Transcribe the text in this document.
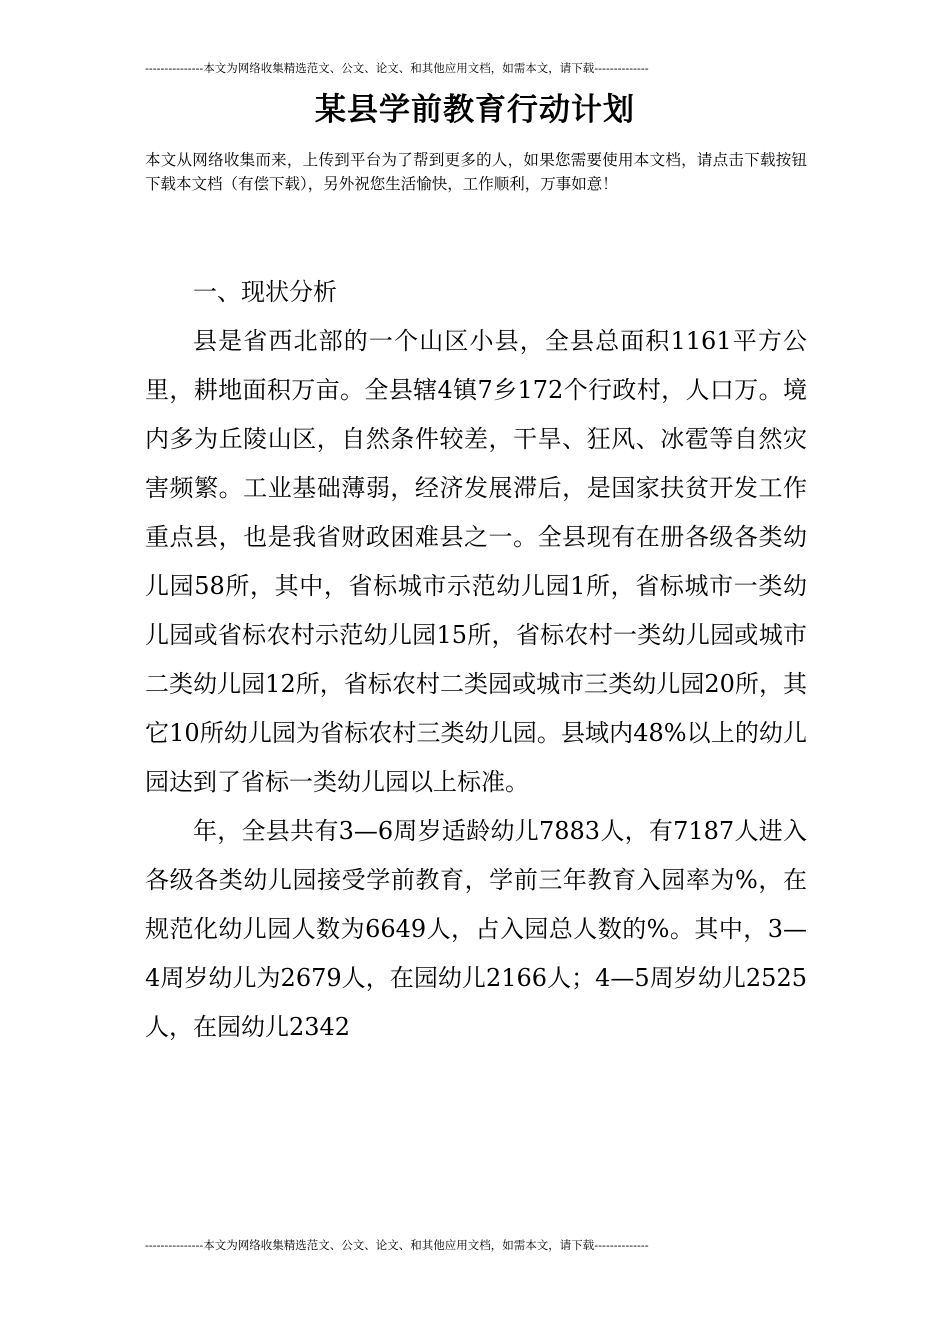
---------------本文为网络收集精选范文、公文、论文、和其他应用文档，如需本文，请下载--------------
某县学前教育行动计划
本文从网络收集而来，上传到平台为了帮到更多的人，如果您需要使用本文档，请点击下载按钮下载本文档（有偿下载），另外祝您生活愉快，工作顺利，万事如意！

一、现状分析

县是省西北部的一个山区小县，全县总面积1161平方公里，耕地面积万亩。全县辖4镇7乡172个行政村，人口万。境内多为丘陵山区，自然条件较差，干旱、狂风、冰雹等自然灾害频繁。工业基础薄弱，经济发展滞后，是国家扶贫开发工作重点县，也是我省财政困难县之一。全县现有在册各级各类幼儿园58所，其中，省标城市示范幼儿园1所，省标城市一类幼儿园或省标农村示范幼儿园15所，省标农村一类幼儿园或城市二类幼儿园12所，省标农村二类园或城市三类幼儿园20所，其它10所幼儿园为省标农村三类幼儿园。县域内48%以上的幼儿园达到了省标一类幼儿园以上标准。

年，全县共有3—6周岁适龄幼儿7883人，有7187人进入各级各类幼儿园接受学前教育，学前三年教育入园率为%，在规范化幼儿园人数为6649人，占入园总人数的%。其中，3—4周岁幼儿为2679人，在园幼儿2166人；4—5周岁幼儿2525人，在园幼儿2342

---------------本文为网络收集精选范文、公文、论文、和其他应用文档，如需本文，请下载--------------
